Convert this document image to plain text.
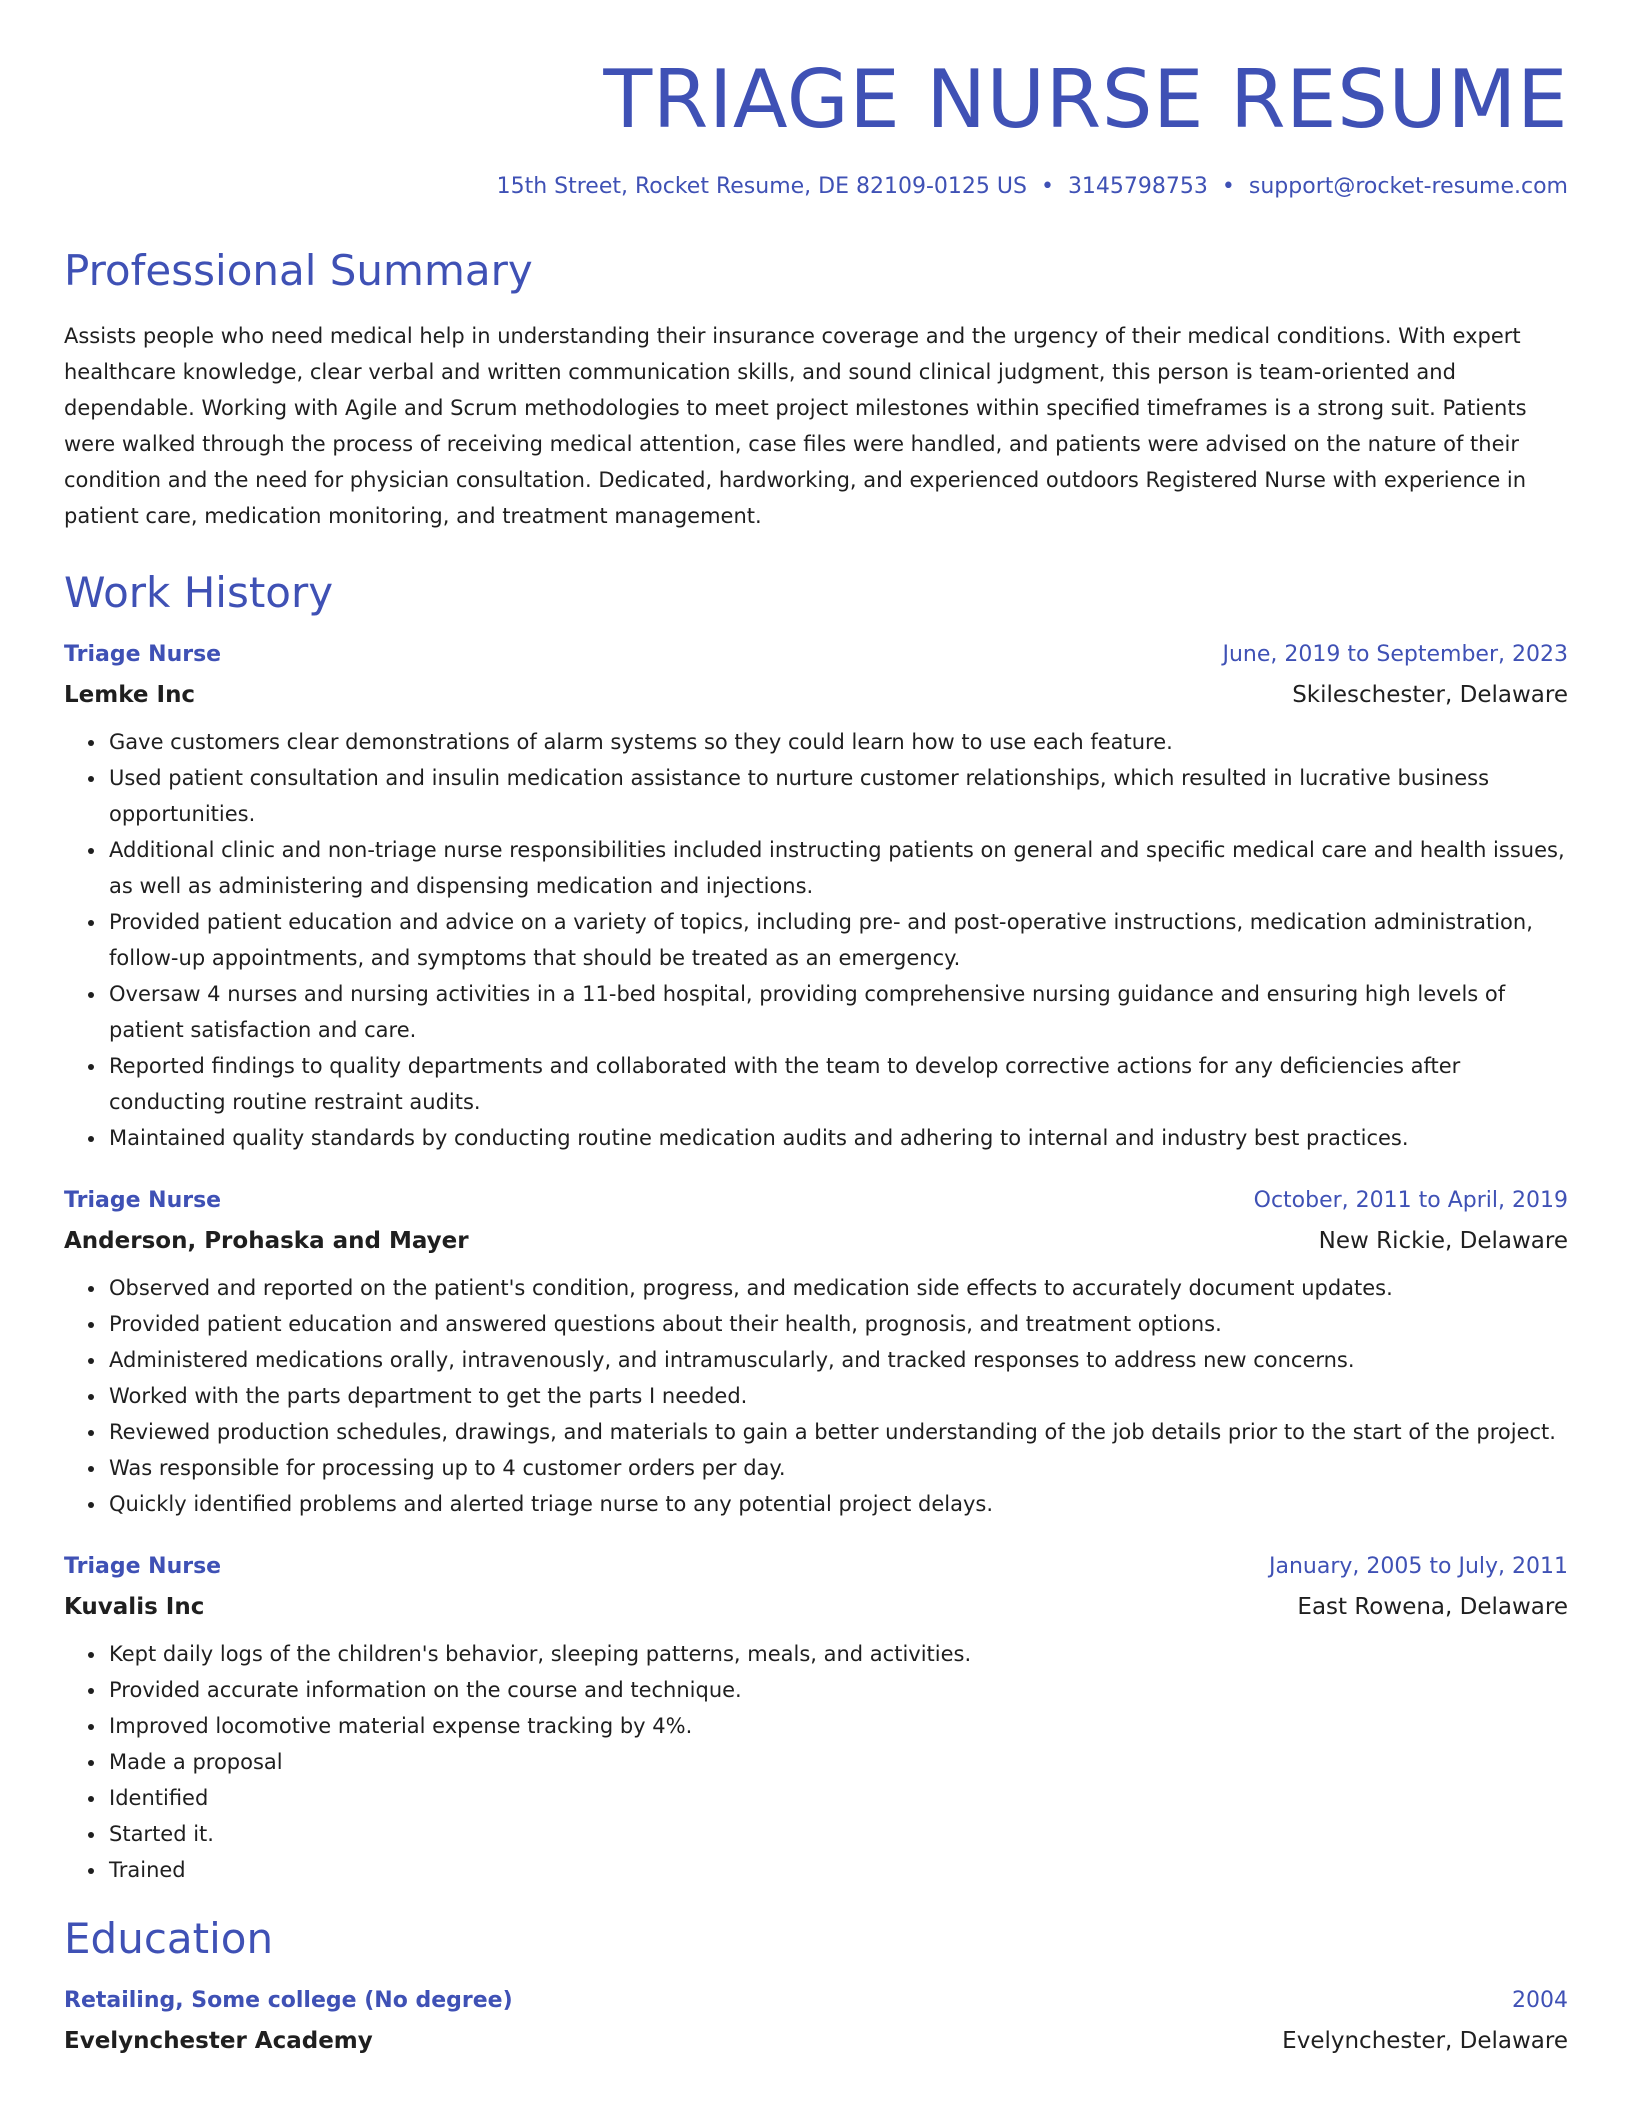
TRIAGE NURSE RESUME
15th Street, Rocket Resume, DE 82109-0125 US • 3145798753 • support@rocket-resume.com
Professional Summary
Assists people who need medical help in understanding their insurance coverage and the urgency of their medical conditions. With expert healthcare knowledge, clear verbal and written communication skills, and sound clinical judgment, this person is team-oriented and dependable. Working with Agile and Scrum methodologies to meet project milestones within specified timeframes is a strong suit. Patients were walked through the process of receiving medical attention, case files were handled, and patients were advised on the nature of their condition and the need for physician consultation. Dedicated, hardworking, and experienced outdoors Registered Nurse with experience in patient care, medication monitoring, and treatment management.
Work History
Triage Nurse	June, 2019 to September, 2023
Lemke Inc	Skileschester, Delaware
• Gave customers clear demonstrations of alarm systems so they could learn how to use each feature.
• Used patient consultation and insulin medication assistance to nurture customer relationships, which resulted in lucrative business opportunities.
• Additional clinic and non-triage nurse responsibilities included instructing patients on general and specific medical care and health issues, as well as administering and dispensing medication and injections.
• Provided patient education and advice on a variety of topics, including pre- and post-operative instructions, medication administration, follow-up appointments, and symptoms that should be treated as an emergency.
• Oversaw 4 nurses and nursing activities in a 11-bed hospital, providing comprehensive nursing guidance and ensuring high levels of patient satisfaction and care.
• Reported findings to quality departments and collaborated with the team to develop corrective actions for any deficiencies after conducting routine restraint audits.
• Maintained quality standards by conducting routine medication audits and adhering to internal and industry best practices.
Triage Nurse	October, 2011 to April, 2019
Anderson, Prohaska and Mayer	New Rickie, Delaware
• Observed and reported on the patient's condition, progress, and medication side effects to accurately document updates.
• Provided patient education and answered questions about their health, prognosis, and treatment options.
• Administered medications orally, intravenously, and intramuscularly, and tracked responses to address new concerns.
• Worked with the parts department to get the parts I needed.
• Reviewed production schedules, drawings, and materials to gain a better understanding of the job details prior to the start of the project.
• Was responsible for processing up to 4 customer orders per day.
• Quickly identified problems and alerted triage nurse to any potential project delays.
Triage Nurse	January, 2005 to July, 2011
Kuvalis Inc	East Rowena, Delaware
• Kept daily logs of the children's behavior, sleeping patterns, meals, and activities.
• Provided accurate information on the course and technique.
• Improved locomotive material expense tracking by 4%.
• Made a proposal
• Identified
• Started it.
• Trained
Education
Retailing, Some college (No degree)	2004
Evelynchester Academy	Evelynchester, Delaware
